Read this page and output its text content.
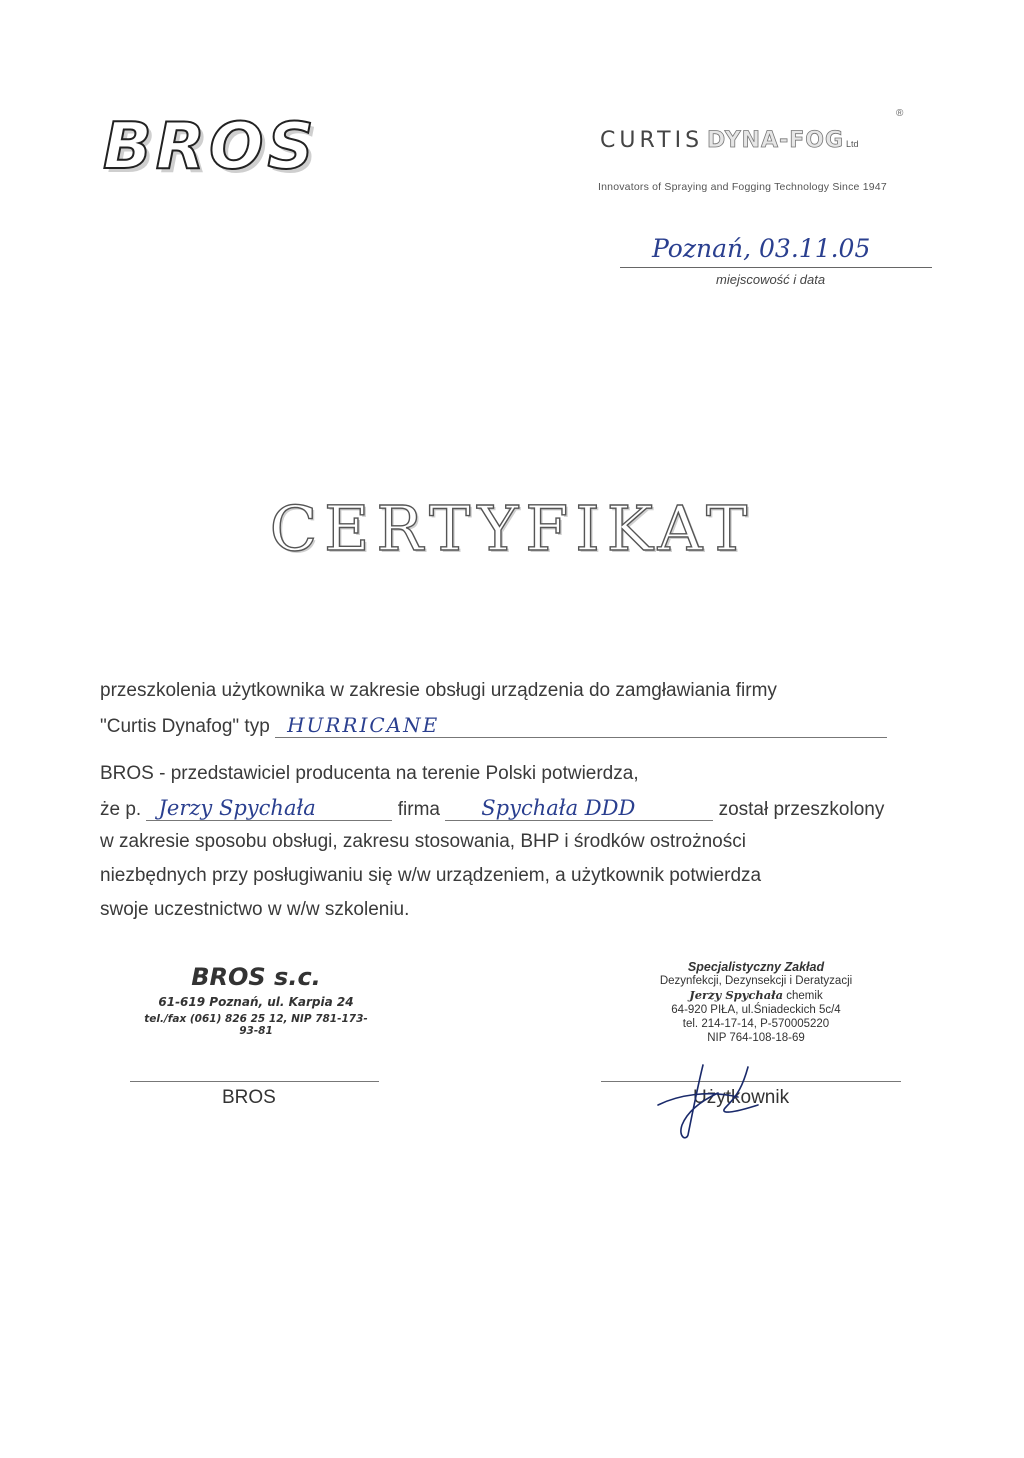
BROS	CURTIS DYNA-FOG Ltd
®
Innovators of Spraying and Fogging Technology Since 1947
Poznań, 03.11.05
miejscowość i data
CERTYFIKAT
przeszkolenia użytkownika w zakresie obsługi urządzenia do zamgławiania firmy
"Curtis Dynafog" typ HURRICANE
BROS - przedstawiciel producenta na terenie Polski potwierdza,
że p. Jerzy Spychała	firma Spychała DDD	został przeszkolony
w zakresie sposobu obsługi, zakresu stosowania, BHP i środków ostrożności
niezbędnych przy posługiwaniu się w/w urządzeniem, a użytkownik potwierdza
swoje uczestnictwo w w/w szkoleniu.
BROS s.c.
61-619 Poznań, ul. Karpia 24
tel./fax (061) 826 25 12, NIP 781-173-93-81
Specjalistyczny Zakład
Dezynfekcji, Dezynsekcji i Deratyzacji
Jerzy Spychała chemik
64-920 PIŁA, ul.Śniadeckich 5c/4
tel. 214-17-14, P-570005220
NIP 764-108-18-69
BROS	Użytkownik
